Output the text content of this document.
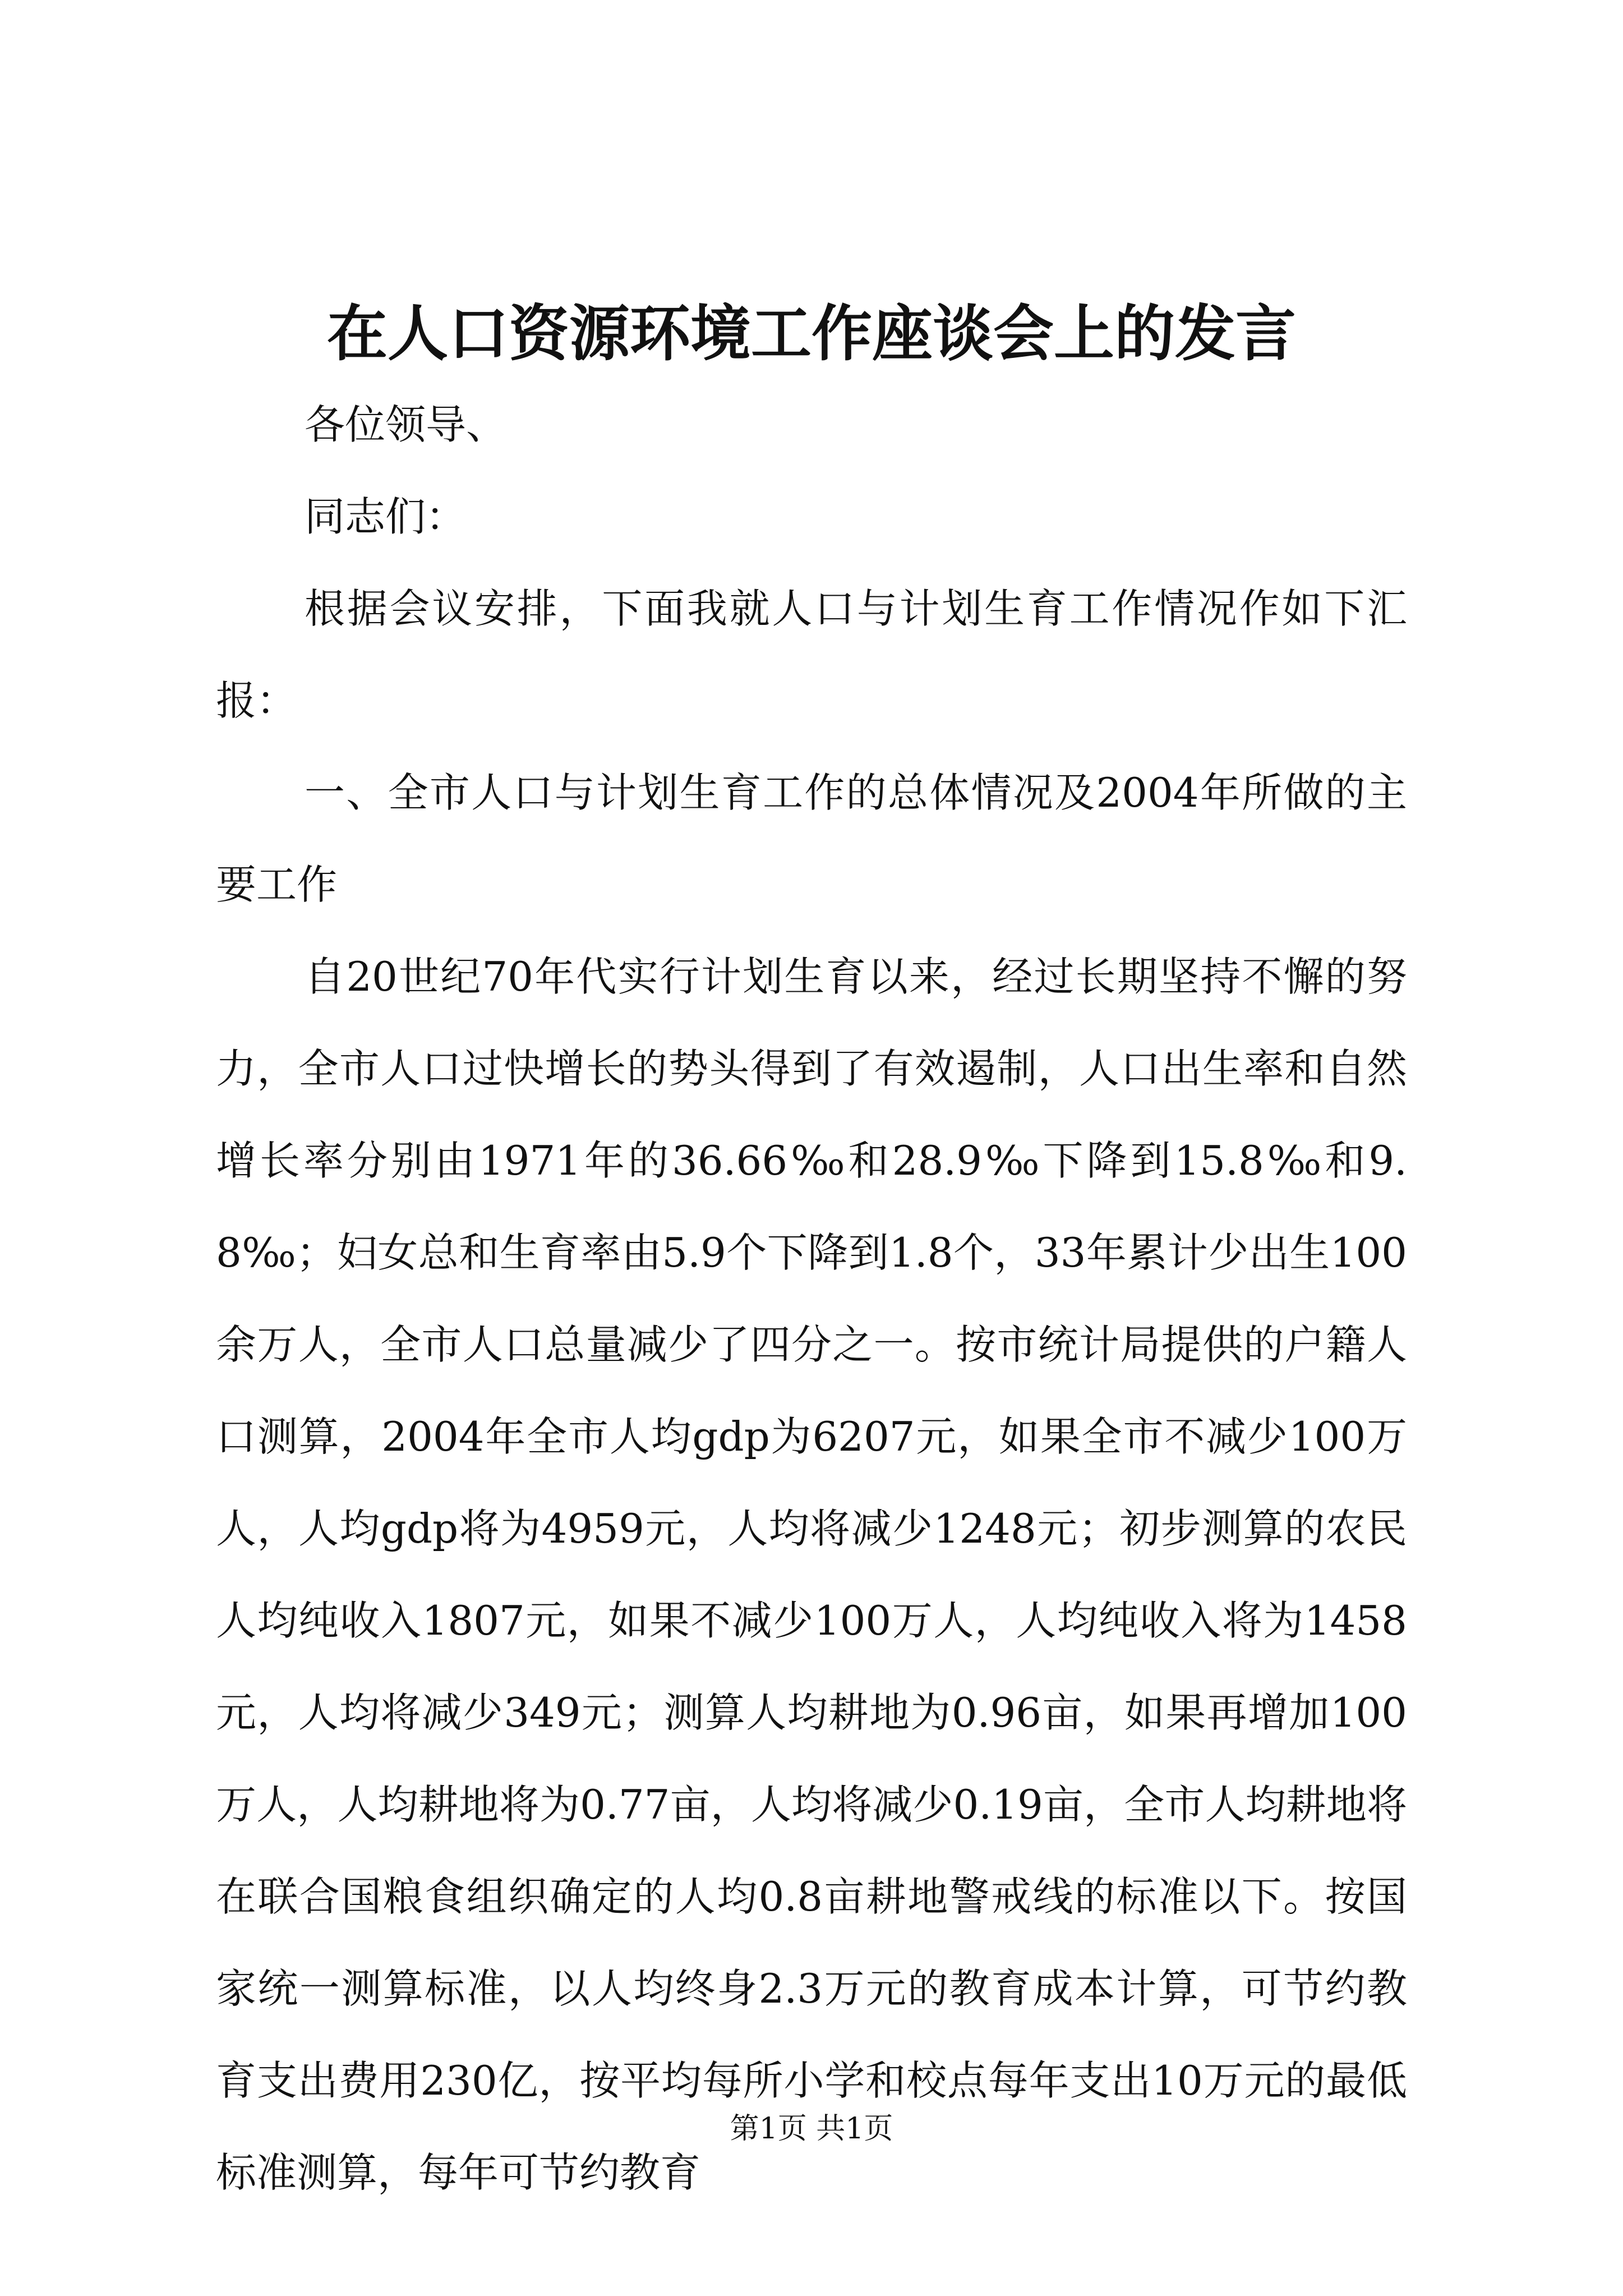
在人口资源环境工作座谈会上的发言

各位领导、

同志们：

根据会议安排，下面我就人口与计划生育工作情况作如下汇报：

一、全市人口与计划生育工作的总体情况及2004年所做的主要工作

自20世纪70年代实行计划生育以来，经过长期坚持不懈的努力，全市人口过快增长的势头得到了有效遏制，人口出生率和自然增长率分别由1971年的36.66‰和28.9‰下降到15.8‰和9.8‰；妇女总和生育率由5.9个下降到1.8个，33年累计少出生100余万人，全市人口总量减少了四分之一。按市统计局提供的户籍人口测算，2004年全市人均gdp为6207元，如果全市不减少100万人，人均gdp将为4959元，人均将减少1248元；初步测算的农民人均纯收入1807元，如果不减少100万人，人均纯收入将为1458元，人均将减少349元；测算人均耕地为0.96亩，如果再增加100万人，人均耕地将为0.77亩，人均将减少0.19亩，全市人均耕地将在联合国粮食组织确定的人均0.8亩耕地警戒线的标准以下。按国家统一测算标准，以人均终身2.3万元的教育成本计算，可节约教育支出费用230亿，按平均每所小学和校点每年支出10万元的最低标准测算，每年可节约教育

第1页 共1页
